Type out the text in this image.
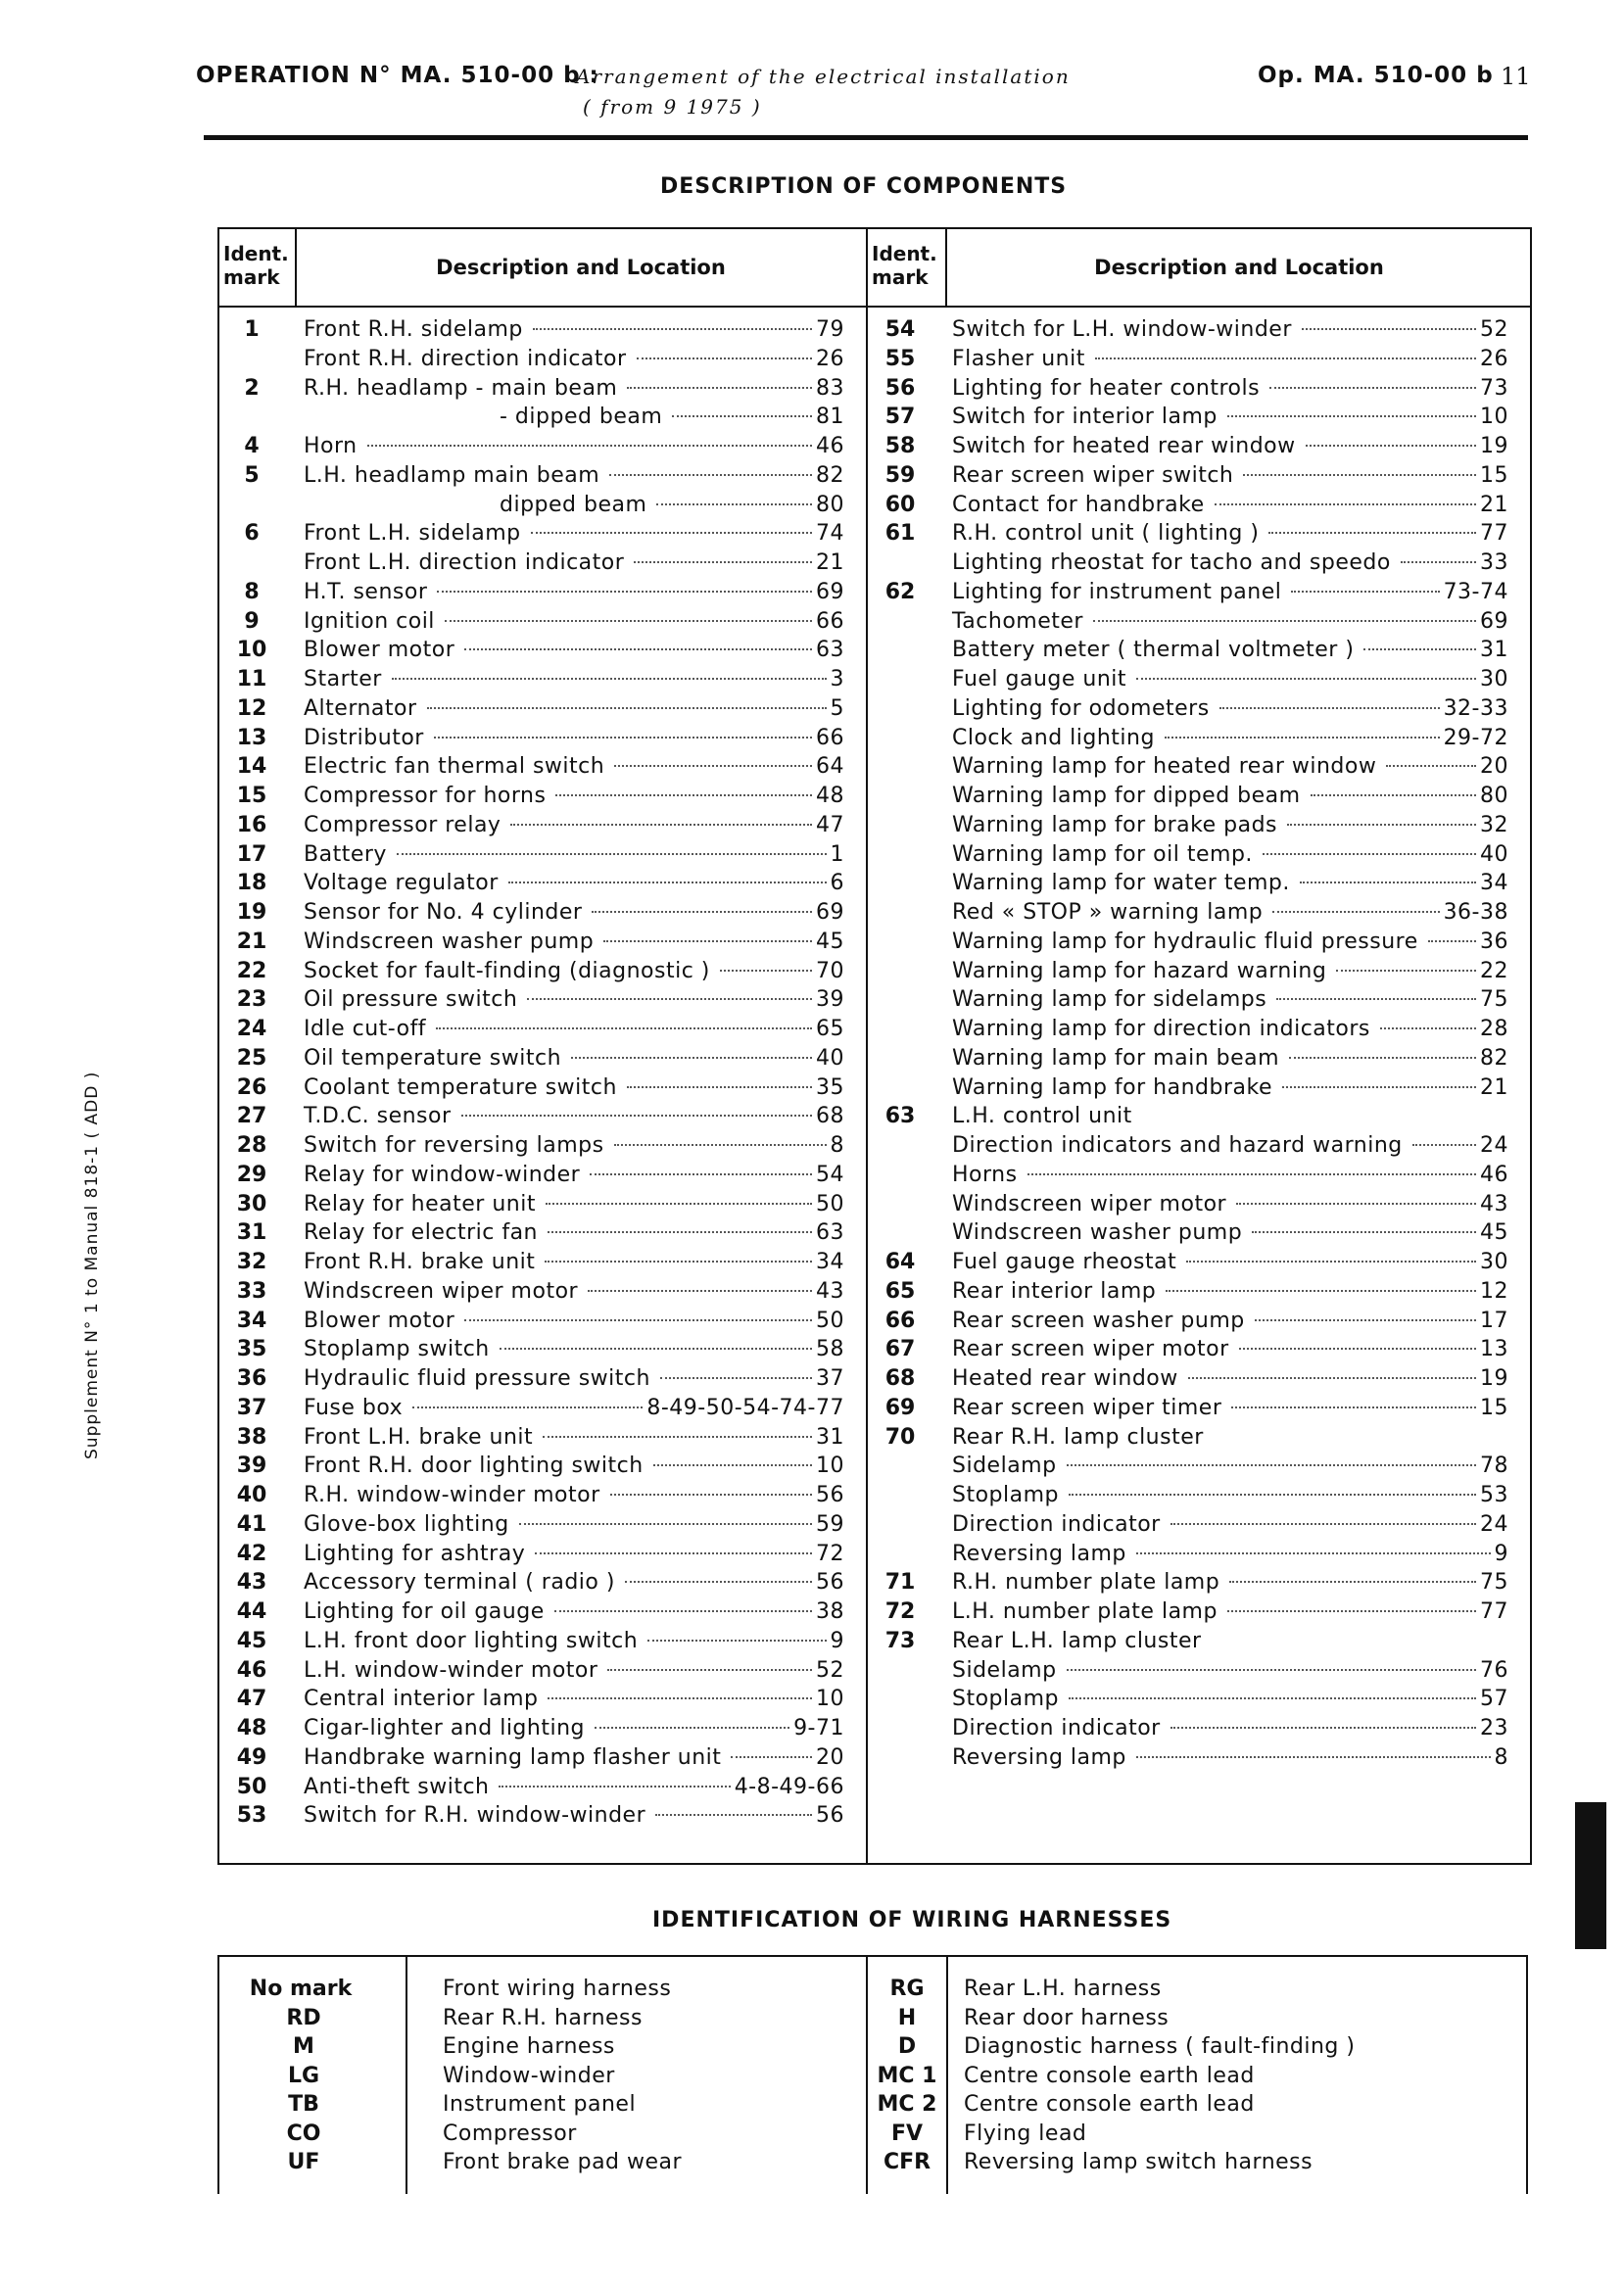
OPERATION N° MA. 510-00 b :
Arrangement of the electrical installation
( from 9 1975 )
Op. MA. 510-00 b 11
DESCRIPTION OF COMPONENTS
Ident. mark	Description and Location
Ident. mark	Description and Location
1	Front R.H. sidelamp	79
Front R.H. direction indicator	26
2	R.H. headlamp - main beam	83
- dipped beam	81
4	Horn	46
5	L.H. headlamp main beam	82
dipped beam	80
6	Front L.H. sidelamp	74
Front L.H. direction indicator	21
8	H.T. sensor	69
9	Ignition coil	66
10	Blower motor	63
11	Starter	3
12	Alternator	5
13	Distributor	66
14	Electric fan thermal switch	64
15	Compressor for horns	48
16	Compressor relay	47
17	Battery	1
18	Voltage regulator	6
19	Sensor for No. 4 cylinder	69
21	Windscreen washer pump	45
22	Socket for fault-finding (diagnostic )	70
23	Oil pressure switch	39
24	Idle cut-off	65
25	Oil temperature switch	40
26	Coolant temperature switch	35
27	T.D.C. sensor	68
28	Switch for reversing lamps	8
29	Relay for window-winder	54
30	Relay for heater unit	50
31	Relay for electric fan	63
32	Front R.H. brake unit	34
33	Windscreen wiper motor	43
34	Blower motor	50
35	Stoplamp switch	58
36	Hydraulic fluid pressure switch	37
37	Fuse box	8-49-50-54-74-77
38	Front L.H. brake unit	31
39	Front R.H. door lighting switch	10
40	R.H. window-winder motor	56
41	Glove-box lighting	59
42	Lighting for ashtray	72
43	Accessory terminal ( radio )	56
44	Lighting for oil gauge	38
45	L.H. front door lighting switch	9
46	L.H. window-winder motor	52
47	Central interior lamp	10
48	Cigar-lighter and lighting	9-71
49	Handbrake warning lamp flasher unit	20
50	Anti-theft switch	4-8-49-66
53	Switch for R.H. window-winder	56
54	Switch for L.H. window-winder	52
55	Flasher unit	26
56	Lighting for heater controls	73
57	Switch for interior lamp	10
58	Switch for heated rear window	19
59	Rear screen wiper switch	15
60	Contact for handbrake	21
61	R.H. control unit ( lighting )	77
Lighting rheostat for tacho and speedo	33
62	Lighting for instrument panel	73-74
Tachometer	69
Battery meter ( thermal voltmeter )	31
Fuel gauge unit	30
Lighting for odometers	32-33
Clock and lighting	29-72
Warning lamp for heated rear window	20
Warning lamp for dipped beam	80
Warning lamp for brake pads	32
Warning lamp for oil temp.	40
Warning lamp for water temp.	34
Red « STOP » warning lamp	36-38
Warning lamp for hydraulic fluid pressure	36
Warning lamp for hazard warning	22
Warning lamp for sidelamps	75
Warning lamp for direction indicators	28
Warning lamp for main beam	82
Warning lamp for handbrake	21
63	L.H. control unit
Direction indicators and hazard warning	24
Horns	46
Windscreen wiper motor	43
Windscreen washer pump	45
64	Fuel gauge rheostat	30
65	Rear interior lamp	12
66	Rear screen washer pump	17
67	Rear screen wiper motor	13
68	Heated rear window	19
69	Rear screen wiper timer	15
70	Rear R.H. lamp cluster
Sidelamp	78
Stoplamp	53
Direction indicator	24
Reversing lamp	9
71	R.H. number plate lamp	75
72	L.H. number plate lamp	77
73	Rear L.H. lamp cluster
Sidelamp	76
Stoplamp	57
Direction indicator	23
Reversing lamp	8
IDENTIFICATION OF WIRING HARNESSES
No mark	Front wiring harness
RD	Rear R.H. harness
M	Engine harness
LG	Window-winder
TB	Instrument panel
CO	Compressor
UF	Front brake pad wear
RG	Rear L.H. harness
H	Rear door harness
D	Diagnostic harness ( fault-finding )
MC 1	Centre console earth lead
MC 2	Centre console earth lead
FV	Flying lead
CFR	Reversing lamp switch harness
Supplement N° 1 to Manual 818-1 ( ADD )
